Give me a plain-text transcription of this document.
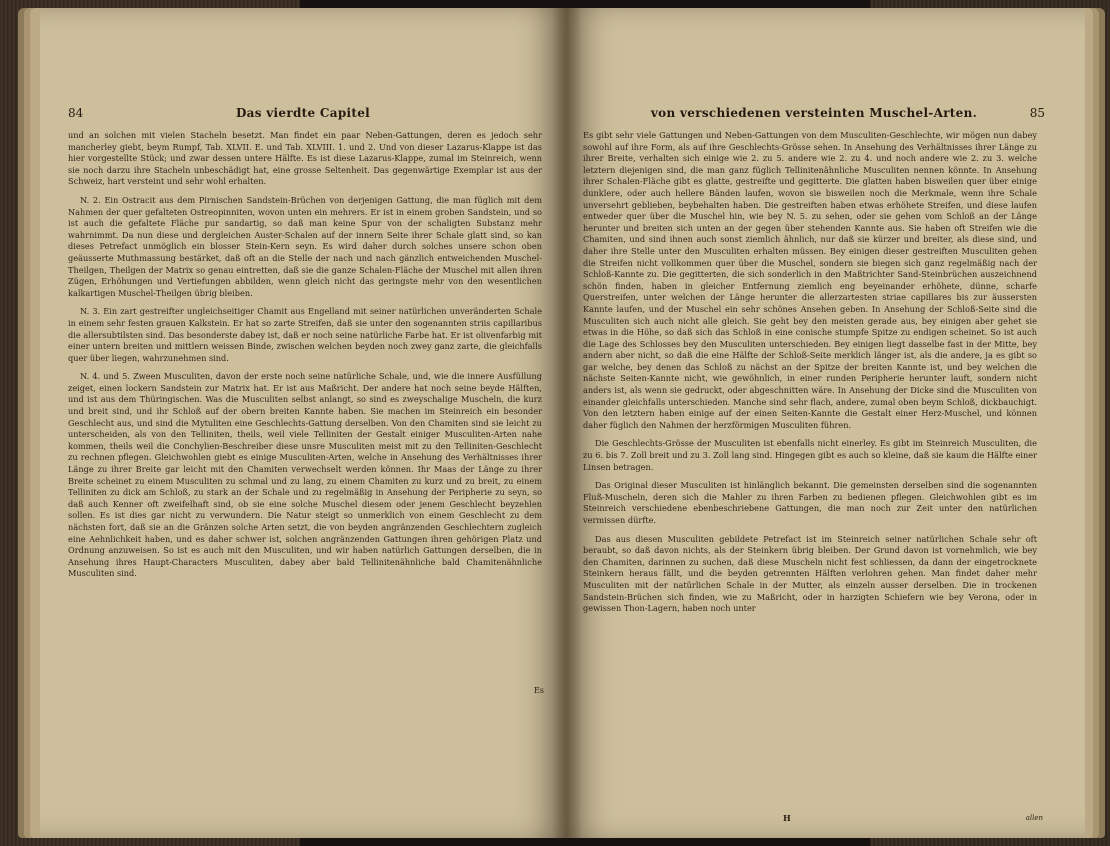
84	Das vierdte Capitel

und an solchen mit vielen Stacheln besetzt. Man findet ein paar Neben-Gattungen, deren es jedoch sehr mancherley giebt, beym Rumpf, Tab. XLVII. E. und Tab. XLVIII. 1. und 2. Und von dieser Lazarus-Klappe ist das hier vorgestellte Stück; und zwar dessen untere Hälfte. Es ist diese Lazarus-Klappe, zumal im Steinreich, wenn sie noch darzu ihre Stacheln unbeschädigt hat, eine grosse Seltenheit. Das gegenwärtige Exemplar ist aus der Schweiz, hart versteint und sehr wohl erhalten.

N. 2. Ein Ostracit aus dem Pirnischen Sandstein-Brüchen von derjenigen Gattung, die man füglich mit dem Nahmen der quer gefalteten Ostreopinniten, wovon unten ein mehrers. Er ist in einem groben Sandstein, und so ist auch die gefaltete Fläche pur sandartig, so daß man keine Spur von der schaligten Substanz mehr wahrnimmt. Da nun diese und dergleichen Auster-Schalen auf der innern Seite ihrer Schale glatt sind, so kan dieses Petrefact unmöglich ein blosser Stein-Kern seyn. Es wird daher durch solches unsere schon oben geäusserte Muthmassung bestärket, daß oft an die Stelle der nach und nach gänzlich entweichenden Muschel-Theilgen, Theilgen der Matrix so genau eintretten, daß sie die ganze Schalen-Fläche der Muschel mit allen ihren Zügen, Erhöhungen und Vertiefungen abbilden, wenn gleich nicht das geringste mehr von den wesentlichen kalkartigen Muschel-Theilgen übrig bleiben.

N. 3. Ein zart gestreifter ungleichseitiger Chamit aus Engelland mit seiner natürlichen unveränderten Schale in einem sehr festen grauen Kalkstein. Er hat so zarte Streifen, daß sie unter den sogenannten striis capillaribus die allersubtilsten sind. Das besonderste dabey ist, daß er noch seine natürliche Farbe hat. Er ist olivenfarbig mit einer untern breiten und mittlern weissen Binde, zwischen welchen beyden noch zwey ganz zarte, die gleichfalls quer über liegen, wahrzunehmen sind.

N. 4. und 5. Zween Musculiten, davon der erste noch seine natürliche Schale, und, wie die innere Ausfüllung zeiget, einen lockern Sandstein zur Matrix hat. Er ist aus Maßricht. Der andere hat noch seine beyde Hälften, und ist aus dem Thüringischen. Was die Musculiten selbst anlangt, so sind es zweyschalige Muscheln, die kurz und breit sind, und ihr Schloß auf der obern breiten Kannte haben. Sie machen im Steinreich ein besonder Geschlecht aus, und sind die Mytuliten eine Geschlechts-Gattung derselben. Von den Chamiten sind sie leicht zu unterscheiden, als von den Telliniten, theils, weil viele Telliniten der Gestalt einiger Musculiten-Arten nahe kommen, theils weil die Conchylien-Beschreiber diese unsre Musculiten meist mit zu den Telliniten-Geschlecht zu rechnen pflegen. Gleichwohlen giebt es einige Musculiten-Arten, welche in Ansehung des Verhältnisses ihrer Länge zu ihrer Breite gar leicht mit den Chamiten verwechselt werden können. Ihr Maas der Länge zu ihrer Breite scheinet zu einem Musculiten zu schmal und zu lang, zu einem Chamiten zu kurz und zu breit, zu einem Telliniten zu dick am Schloß, zu stark an der Schale und zu regelmäßig in Ansehung der Peripherie zu seyn, so daß auch Kenner oft zweifelhaft sind, ob sie eine solche Muschel diesem oder jenem Geschlecht beyzehlen sollen. Es ist dies gar nicht zu verwundern. Die Natur steigt so unmerklich von einem Geschlecht zu dem nächsten fort, daß sie an die Gränzen solche Arten setzt, die von beyden angränzenden Geschlechtern zugleich eine Aehnlichkeit haben, und es daher schwer ist, solchen angränzenden Gattungen ihren gehörigen Platz und Ordnung anzuweisen. So ist es auch mit den Musculiten, und wir haben natürlich Gattungen derselben, die in Ansehung ihres Haupt-Characters Musculiten, dabey aber bald Tellinitenähnliche bald Chamitenähnliche Musculiten sind.

Es
von verschiedenen versteinten Muschel-Arten.	85

Es gibt sehr viele Gattungen und Neben-Gattungen von dem Musculiten-Geschlechte, wir mögen nun dabey sowohl auf ihre Form, als auf ihre Geschlechts-Grösse sehen. In Ansehung des Verhältnisses ihrer Länge zu ihrer Breite, verhalten sich einige wie 2. zu 5. andere wie 2. zu 4. und noch andere wie 2. zu 3. welche letztern diejenigen sind, die man ganz füglich Tellinitenähnliche Musculiten nennen könnte. In Ansehung ihrer Schalen-Fläche gibt es glatte, gestreifte und gegitterte. Die glatten haben bisweilen quer über einige dunklere, oder auch hellere Bänden laufen, wovon sie bisweilen noch die Merkmale, wenn ihre Schale unversehrt geblieben, beybehalten haben. Die gestreiften haben etwas erhöhete Streifen, und diese laufen entweder quer über die Muschel hin, wie bey N. 5. zu sehen, oder sie gehen vom Schloß an der Länge herunter und breiten sich unten an der gegen über stehenden Kannte aus. Sie haben oft Streifen wie die Chamiten, und sind ihnen auch sonst ziemlich ähnlich, nur daß sie kürzer und breiter, als diese sind, und daher ihre Stelle unter den Musculiten erhalten müssen. Bey einigen dieser gestreiften Musculiten gehen die Streifen nicht vollkommen quer über die Muschel, sondern sie biegen sich ganz regelmäßig nach der Schloß-Kannte zu. Die gegitterten, die sich sonderlich in den Maßtrichter Sand-Steinbrüchen auszeichnend schön finden, haben in gleicher Entfernung ziemlich eng beyeinander erhöhete, dünne, scharfe Querstreifen, unter welchen der Länge herunter die allerzartesten striae capillares bis zur äussersten Kannte laufen, und der Muschel ein sehr schönes Ansehen geben. In Ansehung der Schloß-Seite sind die Musculiten sich auch nicht alle gleich. Sie geht bey den meisten gerade aus, bey einigen aber gehet sie etwas in die Höhe, so daß sich das Schloß in eine conische stumpfe Spitze zu endigen scheinet. So ist auch die Lage des Schlosses bey den Musculiten unterschieden. Bey einigen liegt dasselbe fast in der Mitte, bey andern aber nicht, so daß die eine Hälfte der Schloß-Seite merklich länger ist, als die andere, ja es gibt so gar welche, bey denen das Schloß zu nächst an der Spitze der breiten Kannte ist, und bey welchen die nächste Seiten-Kannte nicht, wie gewöhnlich, in einer runden Peripherie herunter lauft, sondern nicht anders ist, als wenn sie gedruckt, oder abgeschnitten wäre. In Ansehung der Dicke sind die Musculiten von einander gleichfalls unterschieden. Manche sind sehr flach, andere, zumal oben beym Schloß, dickbauchigt. Von den letztern haben einige auf der einen Seiten-Kannte die Gestalt einer Herz-Muschel, und können daher füglich den Nahmen der herzförmigen Musculiten führen.

Die Geschlechts-Grösse der Musculiten ist ebenfalls nicht einerley. Es gibt im Steinreich Musculiten, die zu 6. bis 7. Zoll breit und zu 3. Zoll lang sind. Hingegen gibt es auch so kleine, daß sie kaum die Hälfte einer Linsen betragen.

Das Original dieser Musculiten ist hinlänglich bekannt. Die gemeinsten derselben sind die sogenannten Fluß-Muscheln, deren sich die Mahler zu ihren Farben zu bedienen pflegen. Gleichwohlen gibt es im Steinreich verschiedene ebenbeschriebene Gattungen, die man noch zur Zeit unter den natürlichen vermissen dürfte.

Das aus diesen Musculiten gebildete Petrefact ist im Steinreich seiner natürlichen Schale sehr oft beraubt, so daß davon nichts, als der Steinkern übrig bleiben. Der Grund davon ist vornehmlich, wie bey den Chamiten, darinnen zu suchen, daß diese Muscheln nicht fest schliessen, da dann der eingetrocknete Steinkern heraus fällt, und die beyden getrennten Hälften verlohren gehen. Man findet daher mehr Musculiten mit der natürlichen Schale in der Mutter, als einzeln ausser derselben. Die in trockenen Sandstein-Brüchen sich finden, wie zu Maßricht, oder in harzigten Schiefern wie bey Verona, oder in gewissen Thon-Lagern, haben noch unter

H	allen
